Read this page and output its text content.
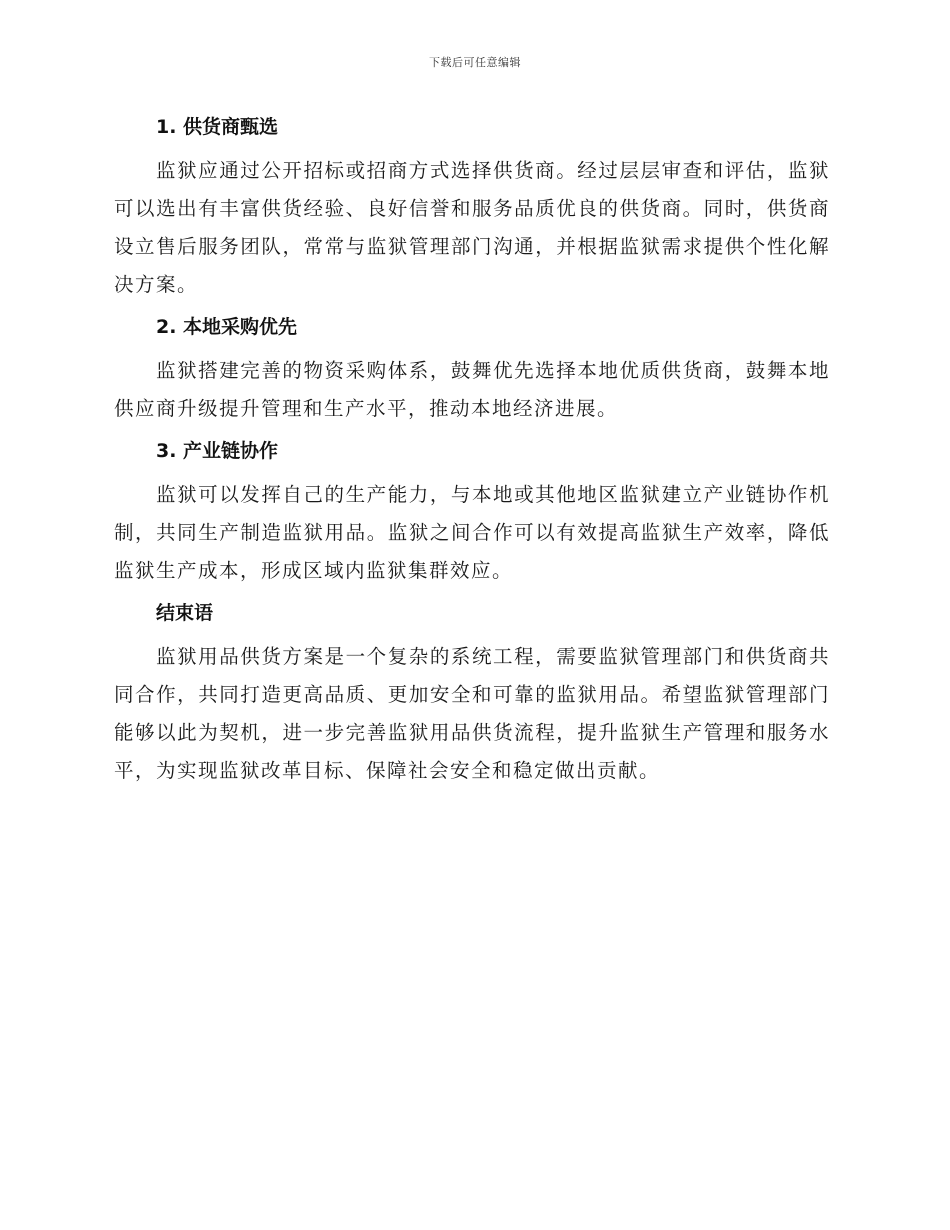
下载后可任意编辑
1. 供货商甄选

监狱应通过公开招标或招商方式选择供货商。经过层层审查和评估，监狱可以选出有丰富供货经验、良好信誉和服务品质优良的供货商。同时，供货商设立售后服务团队，常常与监狱管理部门沟通，并根据监狱需求提供个性化解决方案。

2. 本地采购优先

监狱搭建完善的物资采购体系，鼓舞优先选择本地优质供货商，鼓舞本地供应商升级提升管理和生产水平，推动本地经济进展。

3. 产业链协作

监狱可以发挥自己的生产能力，与本地或其他地区监狱建立产业链协作机制，共同生产制造监狱用品。监狱之间合作可以有效提高监狱生产效率，降低监狱生产成本，形成区域内监狱集群效应。

结束语

监狱用品供货方案是一个复杂的系统工程，需要监狱管理部门和供货商共同合作，共同打造更高品质、更加安全和可靠的监狱用品。希望监狱管理部门能够以此为契机，进一步完善监狱用品供货流程，提升监狱生产管理和服务水平，为实现监狱改革目标、保障社会安全和稳定做出贡献。
